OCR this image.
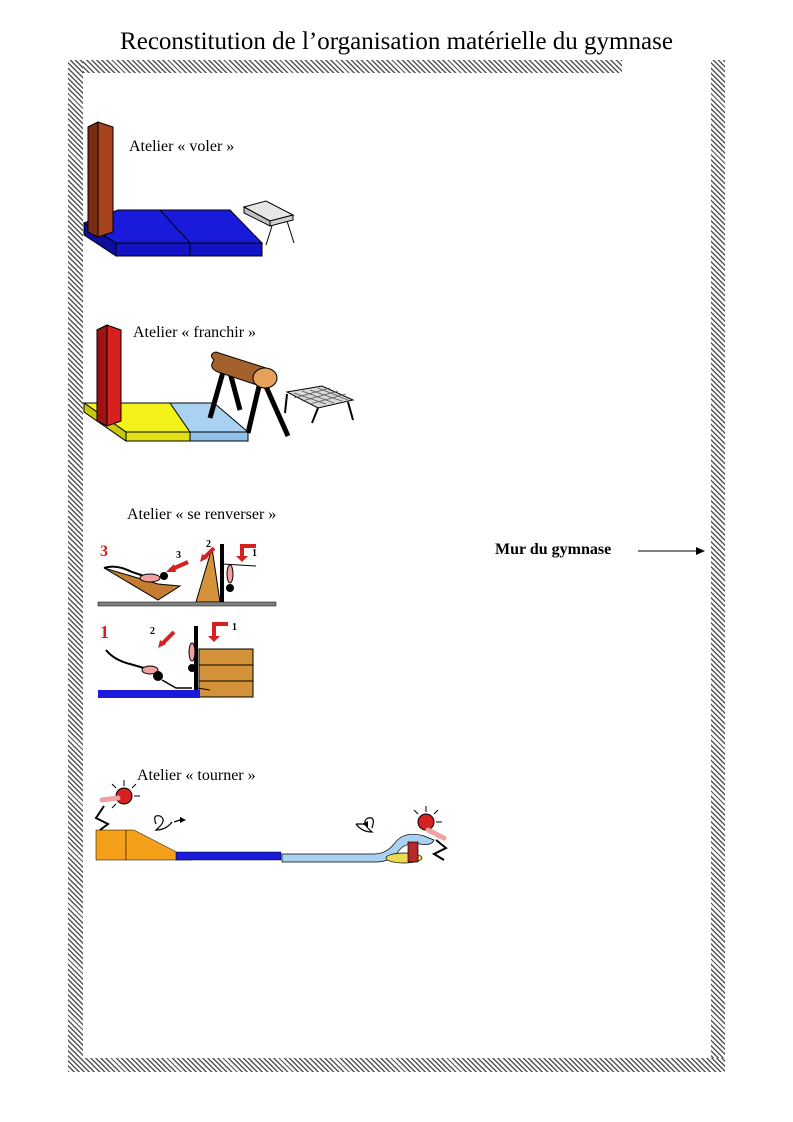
Reconstitution de l’organisation matérielle du gymnase
Atelier « voler »
Atelier « franchir »
Atelier « se renverser »
Atelier « tourner »
Mur du gymnase
3	3
2
1
1	2	1
